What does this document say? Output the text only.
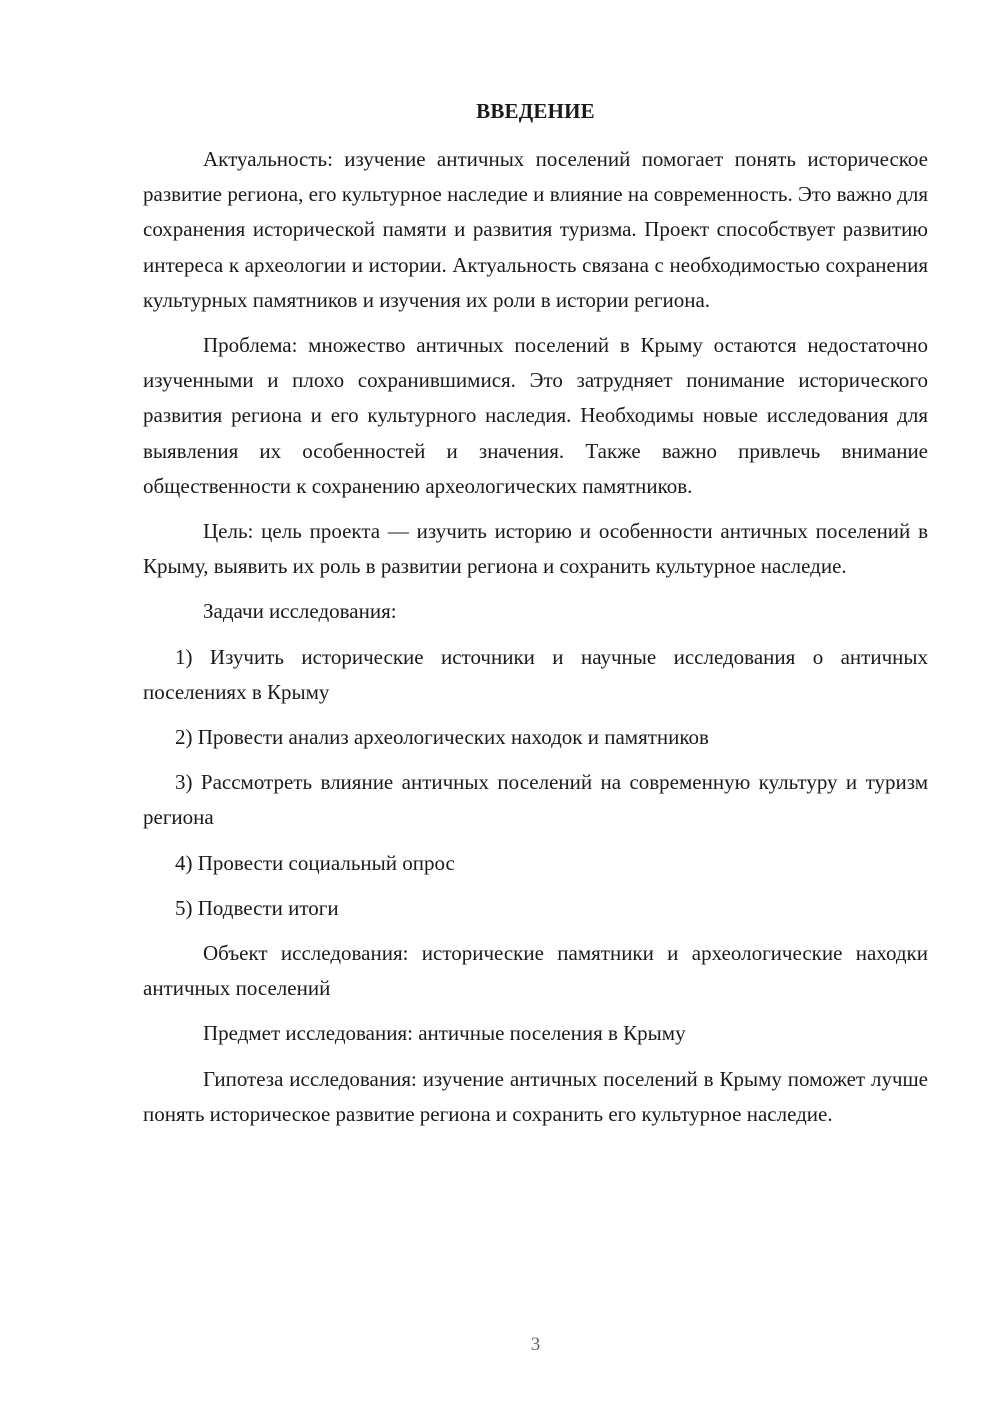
ВВЕДЕНИЕ

Актуальность: изучение античных поселений помогает понять историческое развитие региона, его культурное наследие и влияние на современность. Это важно для сохранения исторической памяти и развития туризма. Проект способствует развитию интереса к археологии и истории. Актуальность связана с необходимостью сохранения культурных памятников и изучения их роли в истории региона.

Проблема: множество античных поселений в Крыму остаются недостаточно изученными и плохо сохранившимися. Это затрудняет понимание исторического развития региона и его культурного наследия. Необходимы новые исследования для выявления их особенностей и значения. Также важно привлечь внимание общественности к сохранению археологических памятников.

Цель: цель проекта — изучить историю и особенности античных поселений в Крыму, выявить их роль в развитии региона и сохранить культурное наследие.

Задачи исследования:

1) Изучить исторические источники и научные исследования о античных поселениях в Крыму

2) Провести анализ археологических находок и памятников

3) Рассмотреть влияние античных поселений на современную культуру и туризм региона

4) Провести социальный опрос

5) Подвести итоги

Объект исследования: исторические памятники и археологические находки античных поселений

Предмет исследования: античные поселения в Крыму

Гипотеза исследования: изучение античных поселений в Крыму поможет лучше понять историческое развитие региона и сохранить его культурное наследие.

3
